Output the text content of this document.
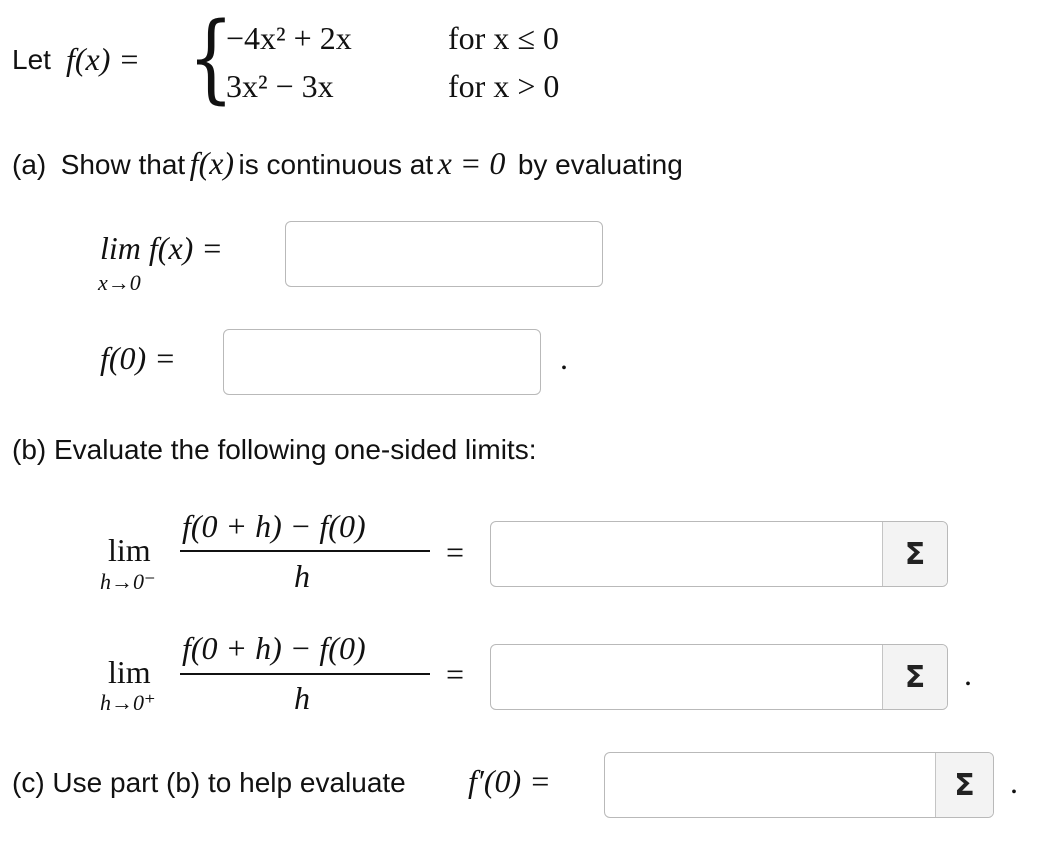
Let f(x) = {
−4x² + 2x	for x ≤ 0
3x² − 3x	for x > 0
(a) Show that f(x) is continuous at x = 0 by evaluating
lim f(x) =
x→0
f(0) =	.
(b) Evaluate the following one-sided limits:
lim
h→0⁻
f(0 + h) − f(0)
h
=	Σ
lim
h→0⁺
f(0 + h) − f(0)
h
=	Σ .
(c) Use part (b) to help evaluate f′(0) =	Σ .
